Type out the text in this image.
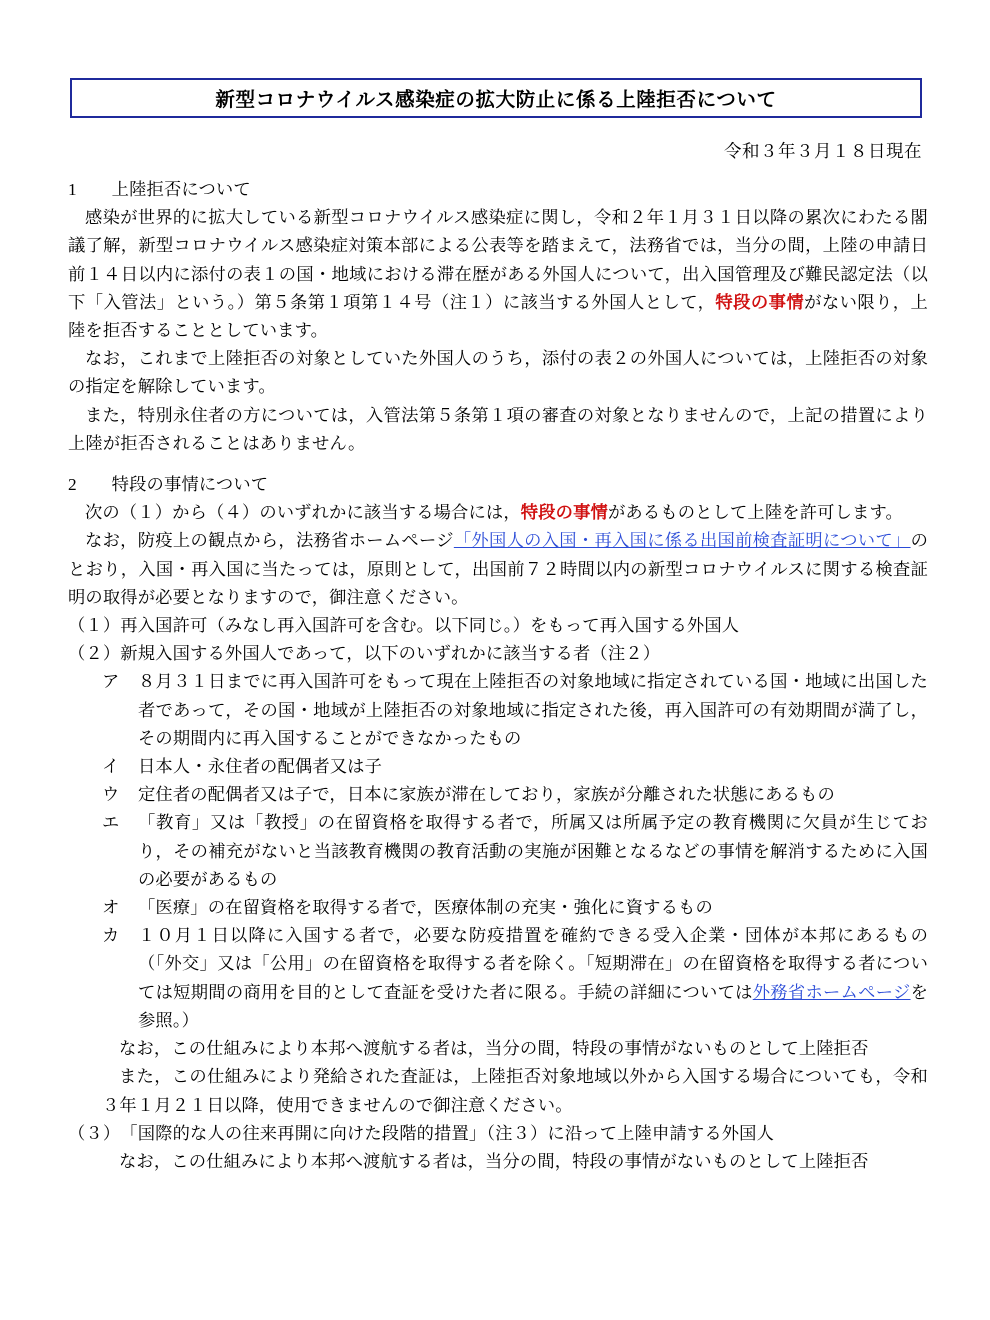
新型コロナウイルス感染症の拡大防止に係る上陸拒否について
令和３年３月１８日現在
1　　 上陸拒否について

感染が世界的に拡大している新型コロナウイルス感染症に関し，令和２年１月３１日以降の累次にわたる閣議了解，新型コロナウイルス感染症対策本部による公表等を踏まえて，法務省では，当分の間，上陸の申請日前１４日以内に添付の表１の国・地域における滞在歴がある外国人について，出入国管理及び難民認定法（以下「入管法」という。）第５条第１項第１４号（注１）に該当する外国人として，特段の事情がない限り，上陸を拒否することとしています。

なお，これまで上陸拒否の対象としていた外国人のうち，添付の表２の外国人については，上陸拒否の対象の指定を解除しています。

また，特別永住者の方については，入管法第５条第１項の審査の対象となりませんので，上記の措置により上陸が拒否されることはありません。

2　　 特段の事情について

次の（１）から（４）のいずれかに該当する場合には，特段の事情があるものとして上陸を許可します。

なお，防疫上の観点から，法務省ホームページ「外国人の入国・再入国に係る出国前検査証明について」のとおり，入国・再入国に当たっては，原則として，出国前７２時間以内の新型コロナウイルスに関する検査証明の取得が必要となりますので，御注意ください。

（１） 再入国許可（みなし再入国許可を含む。以下同じ。）をもって再入国する外国人
（２） 新規入国する外国人であって，以下のいずれかに該当する者（注２）
ア	８月３１日までに再入国許可をもって現在上陸拒否の対象地域に指定されている国・地域に出国した者であって，その国・地域が上陸拒否の対象地域に指定された後，再入国許可の有効期間が満了し，その期間内に再入国することができなかったもの
イ	日本人・永住者の配偶者又は子
ウ	定住者の配偶者又は子で，日本に家族が滞在しており，家族が分離された状態にあるもの
エ	「教育」又は「教授」の在留資格を取得する者で，所属又は所属予定の教育機関に欠員が生じており，その補充がないと当該教育機関の教育活動の実施が困難となるなどの事情を解消するために入国の必要があるもの
オ	「医療」の在留資格を取得する者で，医療体制の充実・強化に資するもの
カ	１０月１日以降に入国する者で，必要な防疫措置を確約できる受入企業・団体が本邦にあるもの（「外交」又は「公用」の在留資格を取得する者を除く。「短期滞在」の在留資格を取得する者については短期間の商用を目的として査証を受けた者に限る。手続の詳細については外務省ホームページを参照。）

なお，この仕組みにより本邦へ渡航する者は，当分の間，特段の事情がないものとして上陸拒否

また，この仕組みにより発給された査証は，上陸拒否対象地域以外から入国する場合についても，令和３年１月２１日以降，使用できませんので御注意ください。

（３） 「国際的な人の往来再開に向けた段階的措置」（注３）に沿って上陸申請する外国人

なお，この仕組みにより本邦へ渡航する者は，当分の間，特段の事情がないものとして上陸拒否
